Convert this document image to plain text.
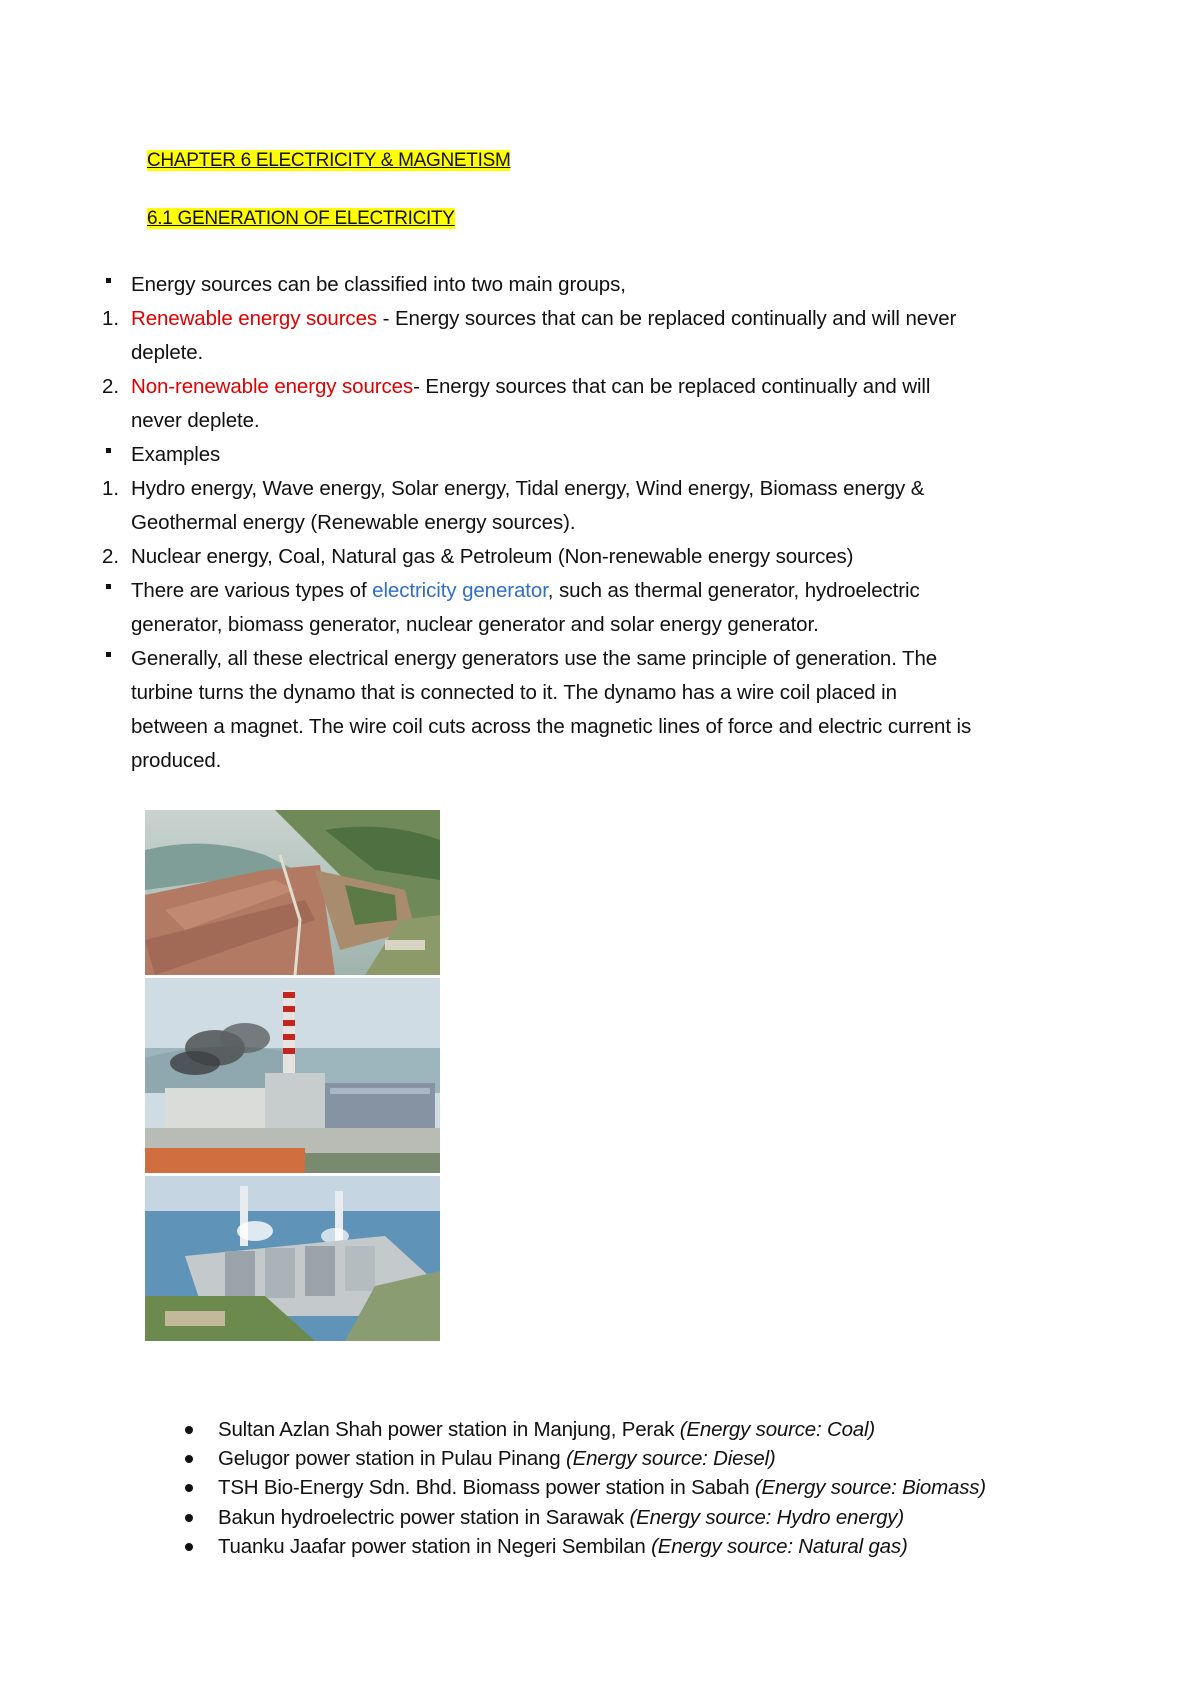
CHAPTER 6 ELECTRICITY & MAGNETISM
6.1 GENERATION OF ELECTRICITY
Energy sources can be classified into two main groups,
1. Renewable energy sources - Energy sources that can be replaced continually and will never
deplete.
2. Non-renewable energy sources- Energy sources that can be replaced continually and will
never deplete.
Examples
1. Hydro energy, Wave energy, Solar energy, Tidal energy, Wind energy, Biomass energy &
Geothermal energy (Renewable energy sources).
2. Nuclear energy, Coal, Natural gas & Petroleum (Non-renewable energy sources)
There are various types of electricity generator, such as thermal generator, hydroelectric
generator, biomass generator, nuclear generator and solar energy generator.
Generally, all these electrical energy generators use the same principle of generation. The
turbine turns the dynamo that is connected to it. The dynamo has a wire coil placed in
between a magnet. The wire coil cuts across the magnetic lines of force and electric current is
produced.
Sultan Azlan Shah power station in Manjung, Perak (Energy source: Coal)
Gelugor power station in Pulau Pinang (Energy source: Diesel)
TSH Bio-Energy Sdn. Bhd. Biomass power station in Sabah (Energy source: Biomass)
Bakun hydroelectric power station in Sarawak (Energy source: Hydro energy)
Tuanku Jaafar power station in Negeri Sembilan (Energy source: Natural gas)
